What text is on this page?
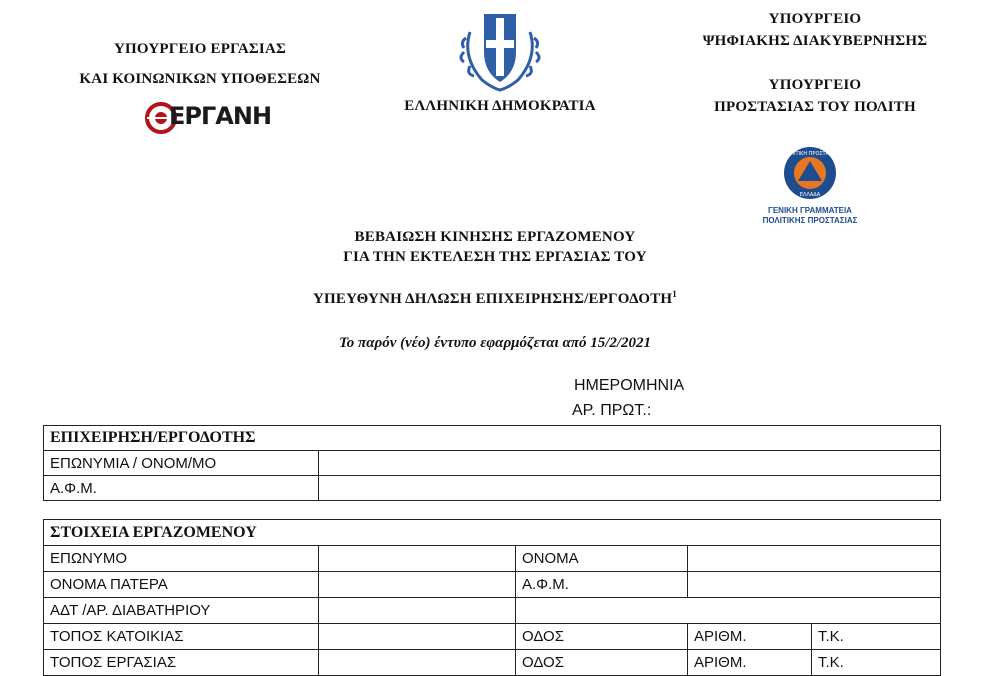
ΥΠΟΥΡΓΕΙΟ ΕΡΓΑΣΙΑΣ
ΚΑΙ ΚΟΙΝΩΝΙΚΩΝ ΥΠΟΘΕΣΕΩΝ
ΕΡΓΑΝΗ	ΕΛΛΗΝΙΚΗ ΔΗΜΟΚΡΑΤΙΑ
ΥΠΟΥΡΓΕΙΟ
ΨΗΦΙΑΚΗΣ ΔΙΑΚΥΒΕΡΝΗΣΗΣ
ΥΠΟΥΡΓΕΙΟ
ΠΡΟΣΤΑΣΙΑΣ ΤΟΥ ΠΟΛΙΤΗ
ΠΟΛΙΤΙΚΗ ΠΡΟΣΤΑΣΙΑ
ΕΛΛΑΔΑ
ΓΕΝΙΚΗ ΓΡΑΜΜΑΤΕΙΑ
ΠΟΛΙΤΙΚΗΣ ΠΡΟΣΤΑΣΙΑΣ
ΒΕΒΑΙΩΣΗ ΚΙΝΗΣΗΣ ΕΡΓΑΖΟΜΕΝΟΥ
ΓΙΑ ΤΗΝ ΕΚΤΕΛΕΣΗ ΤΗΣ ΕΡΓΑΣΙΑΣ ΤΟΥ
ΥΠΕΥΘΥΝΗ ΔΗΛΩΣΗ ΕΠΙΧΕΙΡΗΣΗΣ/ΕΡΓΟΔΟΤΗ$^1$
Το παρόν (νέο) έντυπο εφαρμόζεται από 15/2/2021
ΗΜΕΡΟΜΗΝΙΑ
ΑΡ. ΠΡΩΤ.:
ΕΠΙΧΕΙΡΗΣΗ/ΕΡΓΟΔΟΤΗΣ	
ΕΠΩΝΥΜΙΑ / ΟΝΟΜ/ΜΟ	
Α.Φ.Μ.	
ΣΤΟΙΧΕΙΑ ΕΡΓΑΖΟΜΕΝΟΥ				
ΕΠΩΝΥΜΟ		ΟΝΟΜΑ		
ΟΝΟΜΑ ΠΑΤΕΡΑ		Α.Φ.Μ.		
ΑΔΤ /ΑΡ. ΔΙΑΒΑΤΗΡΙΟΥ				
ΤΟΠΟΣ ΚΑΤΟΙΚΙΑΣ		ΟΔΟΣ	ΑΡΙΘΜ.	Τ.Κ.
ΤΟΠΟΣ ΕΡΓΑΣΙΑΣ		ΟΔΟΣ	ΑΡΙΘΜ.	Τ.Κ.
